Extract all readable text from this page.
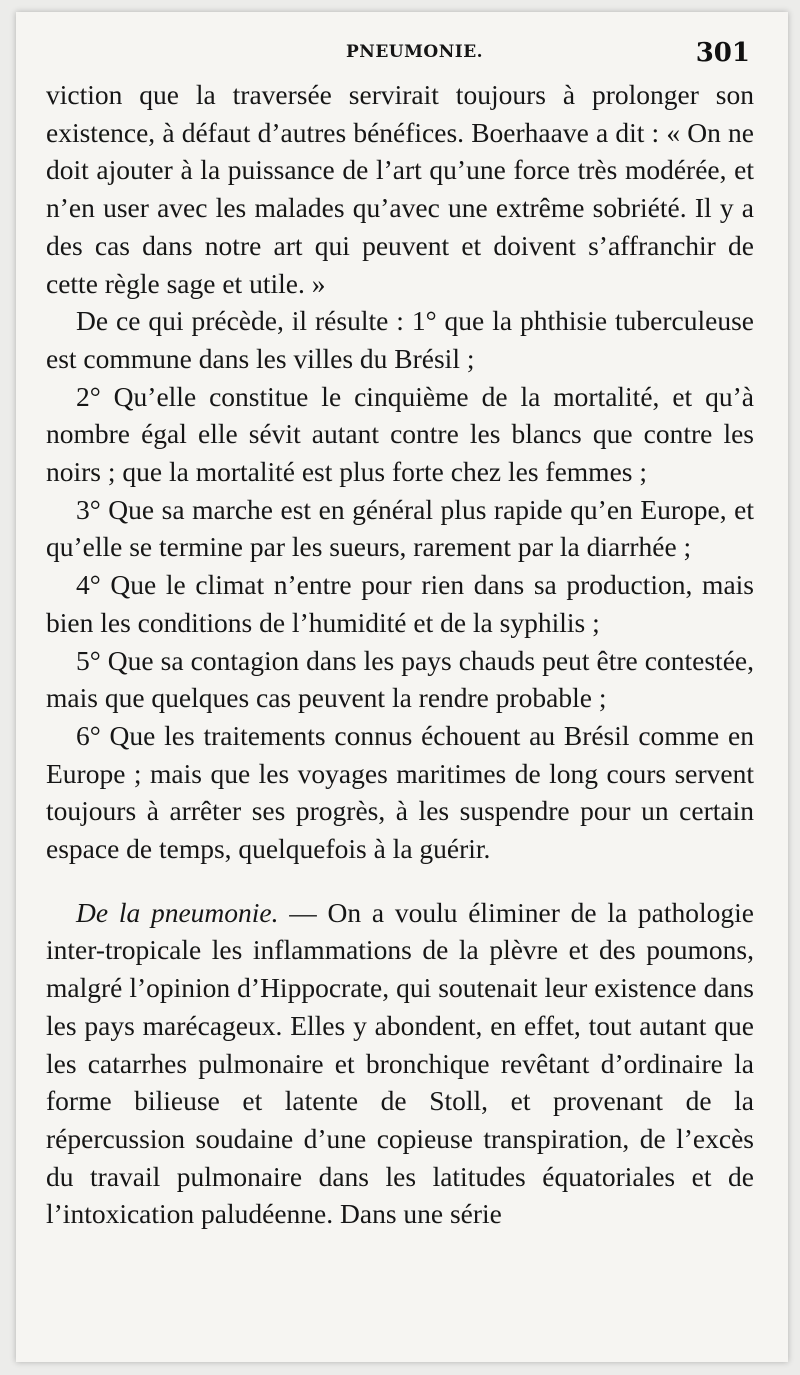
PNEUMONIE.	301

viction que la traversée servirait toujours à prolonger son existence, à défaut d’autres bénéfices. Boerhaave a dit : « On ne doit ajouter à la puissance de l’art qu’une force très modérée, et n’en user avec les malades qu’avec une extrême sobriété. Il y a des cas dans notre art qui peuvent et doivent s’affranchir de cette règle sage et utile. »

De ce qui précède, il résulte : 1° que la phthisie tuberculeuse est commune dans les villes du Brésil ;

2° Qu’elle constitue le cinquième de la mortalité, et qu’à nombre égal elle sévit autant contre les blancs que contre les noirs ; que la mortalité est plus forte chez les femmes ;

3° Que sa marche est en général plus rapide qu’en Europe, et qu’elle se termine par les sueurs, rarement par la diarrhée ;

4° Que le climat n’entre pour rien dans sa production, mais bien les conditions de l’humidité et de la syphilis ;

5° Que sa contagion dans les pays chauds peut être contestée, mais que quelques cas peuvent la rendre probable ;

6° Que les traitements connus échouent au Brésil comme en Europe ; mais que les voyages maritimes de long cours servent toujours à arrêter ses progrès, à les suspendre pour un certain espace de temps, quelquefois à la guérir.

De la pneumonie. — On a voulu éliminer de la pathologie inter-tropicale les inflammations de la plèvre et des poumons, malgré l’opinion d’Hippocrate, qui soutenait leur existence dans les pays marécageux. Elles y abondent, en effet, tout autant que les catarrhes pulmonaire et bronchique revêtant d’ordinaire la forme bilieuse et latente de Stoll, et provenant de la répercussion soudaine d’une copieuse transpiration, de l’excès du travail pulmonaire dans les latitudes équatoriales et de l’intoxication paludéenne. Dans une série
